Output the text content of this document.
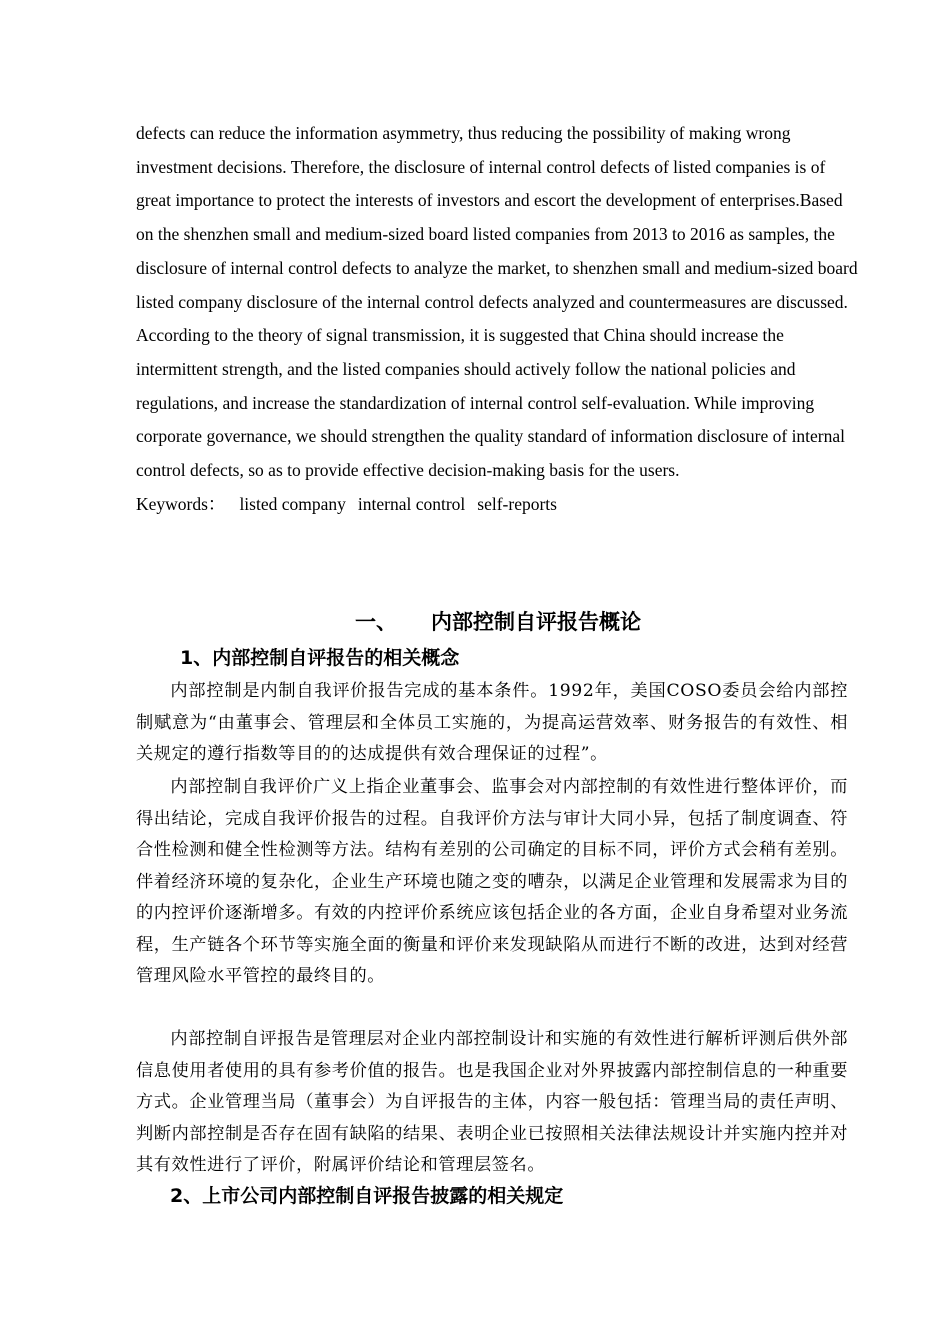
defects can reduce the information asymmetry, thus reducing the possibility of making wrong investment decisions. Therefore, the disclosure of internal control defects of listed companies is of great importance to protect the interests of investors and escort the development of enterprises.Based on the shenzhen small and medium-sized board listed companies from 2013 to 2016 as samples, the disclosure of internal control defects to analyze the market, to shenzhen small and medium-sized board listed company disclosure of the internal control defects analyzed and countermeasures are discussed. According to the theory of signal transmission, it is suggested that China should increase the intermittent strength, and the listed companies should actively follow the national policies and regulations, and increase the standardization of internal control self-evaluation. While improving corporate governance, we should strengthen the quality standard of information disclosure of internal control defects, so as to provide effective decision-making basis for the users.

Keywords： listed company internal control self-reports

一、 内部控制自评报告概论
1、内部控制自评报告的相关概念

内部控制是内制自我评价报告完成的基本条件。1992年，美国COSO委员会给内部控制赋意为“由董事会、管理层和全体员工实施的，为提高运营效率、财务报告的有效性、相关规定的遵行指数等目的的达成提供有效合理保证的过程”。

内部控制自我评价广义上指企业董事会、监事会对内部控制的有效性进行整体评价，而得出结论，完成自我评价报告的过程。自我评价方法与审计大同小异，包括了制度调查、符合性检测和健全性检测等方法。结构有差别的公司确定的目标不同，评价方式会稍有差别。伴着经济环境的复杂化，企业生产环境也随之变的嘈杂，以满足企业管理和发展需求为目的的内控评价逐渐增多。有效的内控评价系统应该包括企业的各方面，企业自身希望对业务流程，生产链各个环节等实施全面的衡量和评价来发现缺陷从而进行不断的改进，达到对经营管理风险水平管控的最终目的。

内部控制自评报告是管理层对企业内部控制设计和实施的有效性进行解析评测后供外部信息使用者使用的具有参考价值的报告。也是我国企业对外界披露内部控制信息的一种重要方式。企业管理当局（董事会）为自评报告的主体，内容一般包括：管理当局的责任声明、判断内部控制是否存在固有缺陷的结果、表明企业已按照相关法律法规设计并实施内控并对其有效性进行了评价，附属评价结论和管理层签名。

2、上市公司内部控制自评报告披露的相关规定
